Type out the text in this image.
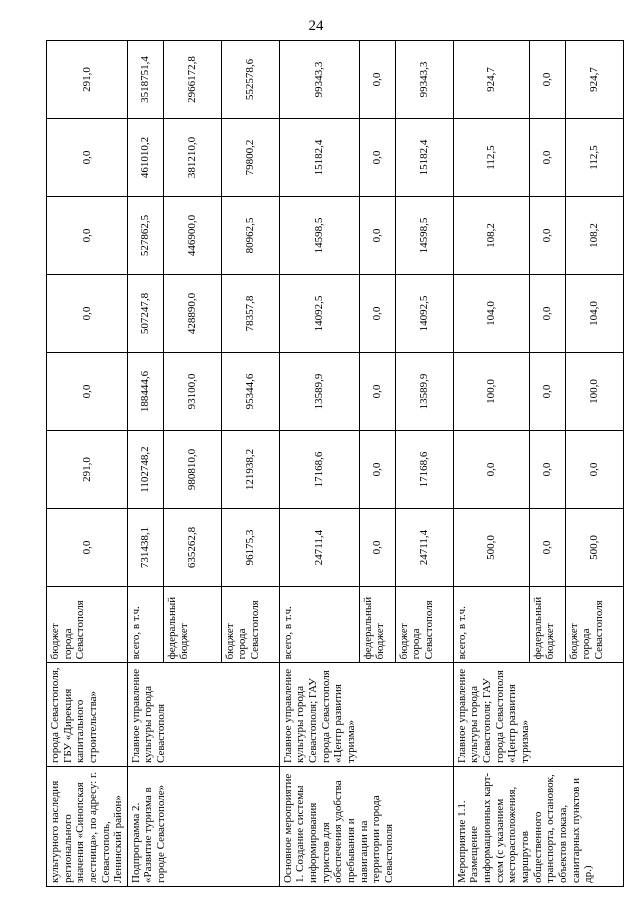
24
культурного наследия регионального значения «Синопская лестница», по адресу: г. Севастополь, Ленинский район»	города Севастополя, ГБУ «Дирекция капитального строительства»	бюджет города Севастополя	0,0	291,0	0,0	0,0	0,0	0,0	291,0
Подпрограмма 2. «Развитие туризма в городе Севастополе»	Главное управление культуры города Севастополя	всего, в т.ч.	731438,1	1102748,2	188444,6	507247,8	527862,5	461010,2	3518751,4
		федеральный бюджет	635262,8	980810,0	93100,0	428890,0	446900,0	381210,0	2966172,8
		бюджет города Севастополя	96175,3	121938,2	95344,6	78357,8	80962,5	79800,2	552578,6
Основное мероприятие 1. Создание системы информирования туристов для обеспечения удобства пребывания и навигации на территории города Севастополя	Главное управление культуры города Севастополя; ГАУ города Севастополя «Центр развития туризма»	всего, в т.ч.	24711,4	17168,6	13589,9	14092,5	14598,5	15182,4	99343,3
		федеральный бюджет	0,0	0,0	0,0	0,0	0,0	0,0	0,0
		бюджет города Севастополя	24711,4	17168,6	13589,9	14092,5	14598,5	15182,4	99343,3
Мероприятие 1.1. Размещение информационных карт-схем (с указанием месторасположения, маршрутов общественного транспорта, остановок, объектов показа, санитарных пунктов и др.)	Главное управление культуры города Севастополя; ГАУ города Севастополя «Центр развития туризма»	всего, в т.ч.	500,0	0,0	100,0	104,0	108,2	112,5	924,7
		федеральный бюджет	0,0	0,0	0,0	0,0	0,0	0,0	0,0
		бюджет города Севастополя	500,0	0,0	100,0	104,0	108,2	112,5	924,7
